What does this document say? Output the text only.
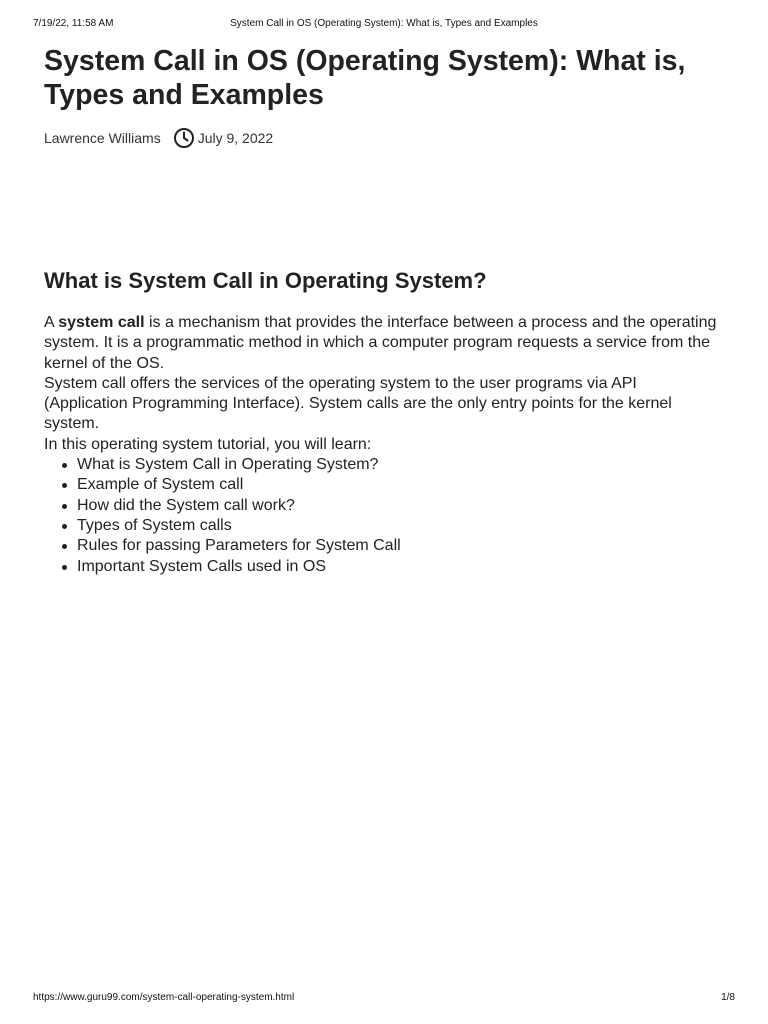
7/19/22, 11:58 AM	System Call in OS (Operating System): What is, Types and Examples
System Call in OS (Operating System): What is, Types and Examples
Lawrence Williams	July 9, 2022
What is System Call in Operating System?

A system call is a mechanism that provides the interface between a process and the operating system. It is a programmatic method in which a computer program requests a service from the kernel of the OS.

System call offers the services of the operating system to the user programs via API (Application Programming Interface). System calls are the only entry points for the kernel system.

In this operating system tutorial, you will learn:

What is System Call in Operating System?
Example of System call
How did the System call work?
Types of System calls
Rules for passing Parameters for System Call
Important System Calls used in OS
https://www.guru99.com/system-call-operating-system.html	1/8
